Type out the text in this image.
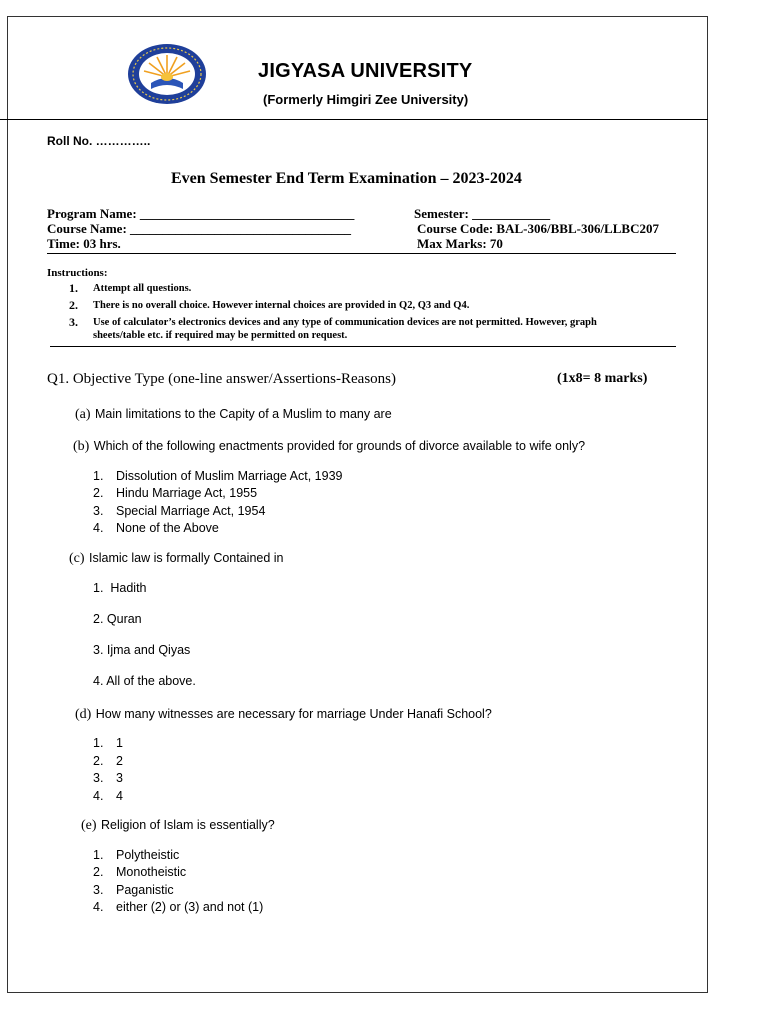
JIGYASA UNIVERSITY
(Formerly Himgiri Zee University)
Roll No. …………..
Even Semester End Term Examination – 2023-2024
Program Name: _________________________________
Course Name: __________________________________
Time: 03 hrs.
Semester: ____________
Course Code: BAL-306/BBL-306/LLBC207
Max Marks: 70
Instructions:
1. Attempt all questions.
2. There is no overall choice. However internal choices are provided in Q2, Q3 and Q4.
3. Use of calculator’s electronics devices and any type of communication devices are not permitted. However, graph
sheets/table etc. if required may be permitted on request.
Q1. Objective Type (one-line answer/Assertions-Reasons)	(1x8= 8 marks)
(a) Main limitations to the Capity of a Muslim to many are
(b) Which of the following enactments provided for grounds of divorce available to wife only?
1. Dissolution of Muslim Marriage Act, 1939
2. Hindu Marriage Act, 1955
3. Special Marriage Act, 1954
4. None of the Above
(c) Islamic law is formally Contained in
1.  Hadith
2. Quran
3. Ijma and Qiyas
4. All of the above.
(d) How many witnesses are necessary for marriage Under Hanafi School?
1. 1
2. 2
3. 3
4. 4
(e) Religion of Islam is essentially?
1. Polytheistic
2. Monotheistic
3. Paganistic
4. either (2) or (3) and not (1)
